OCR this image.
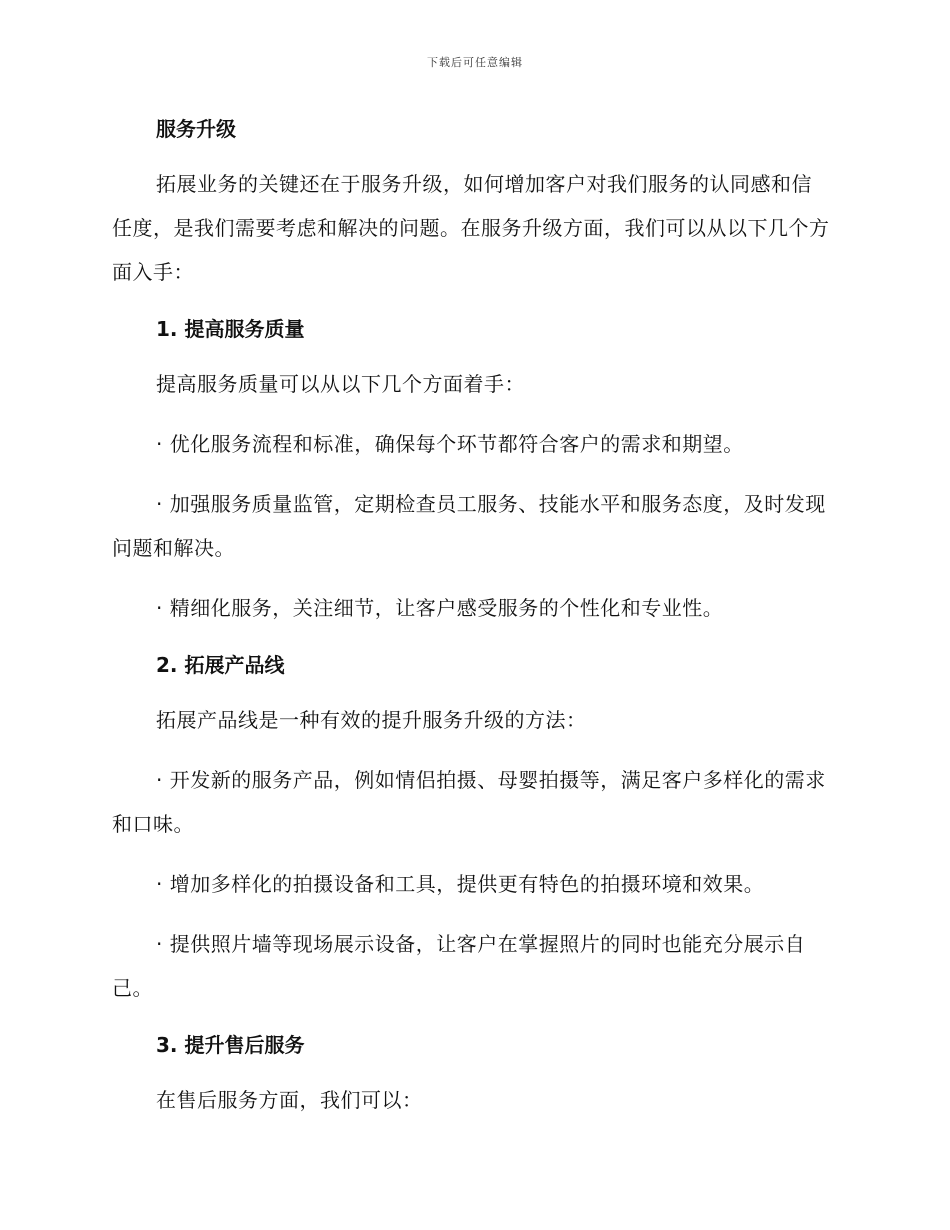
下载后可任意编辑
服务升级

拓展业务的关键还在于服务升级，如何增加客户对我们服务的认同感和信任度，是我们需要考虑和解决的问题。在服务升级方面，我们可以从以下几个方面入手：

1. 提高服务质量

提高服务质量可以从以下几个方面着手：

· 优化服务流程和标准，确保每个环节都符合客户的需求和期望。

· 加强服务质量监管，定期检查员工服务、技能水平和服务态度，及时发现问题和解决。

· 精细化服务，关注细节，让客户感受服务的个性化和专业性。

2. 拓展产品线

拓展产品线是一种有效的提升服务升级的方法：

· 开发新的服务产品，例如情侣拍摄、母婴拍摄等，满足客户多样化的需求和口味。

· 增加多样化的拍摄设备和工具，提供更有特色的拍摄环境和效果。

· 提供照片墙等现场展示设备，让客户在掌握照片的同时也能充分展示自己。

3. 提升售后服务

在售后服务方面，我们可以：
